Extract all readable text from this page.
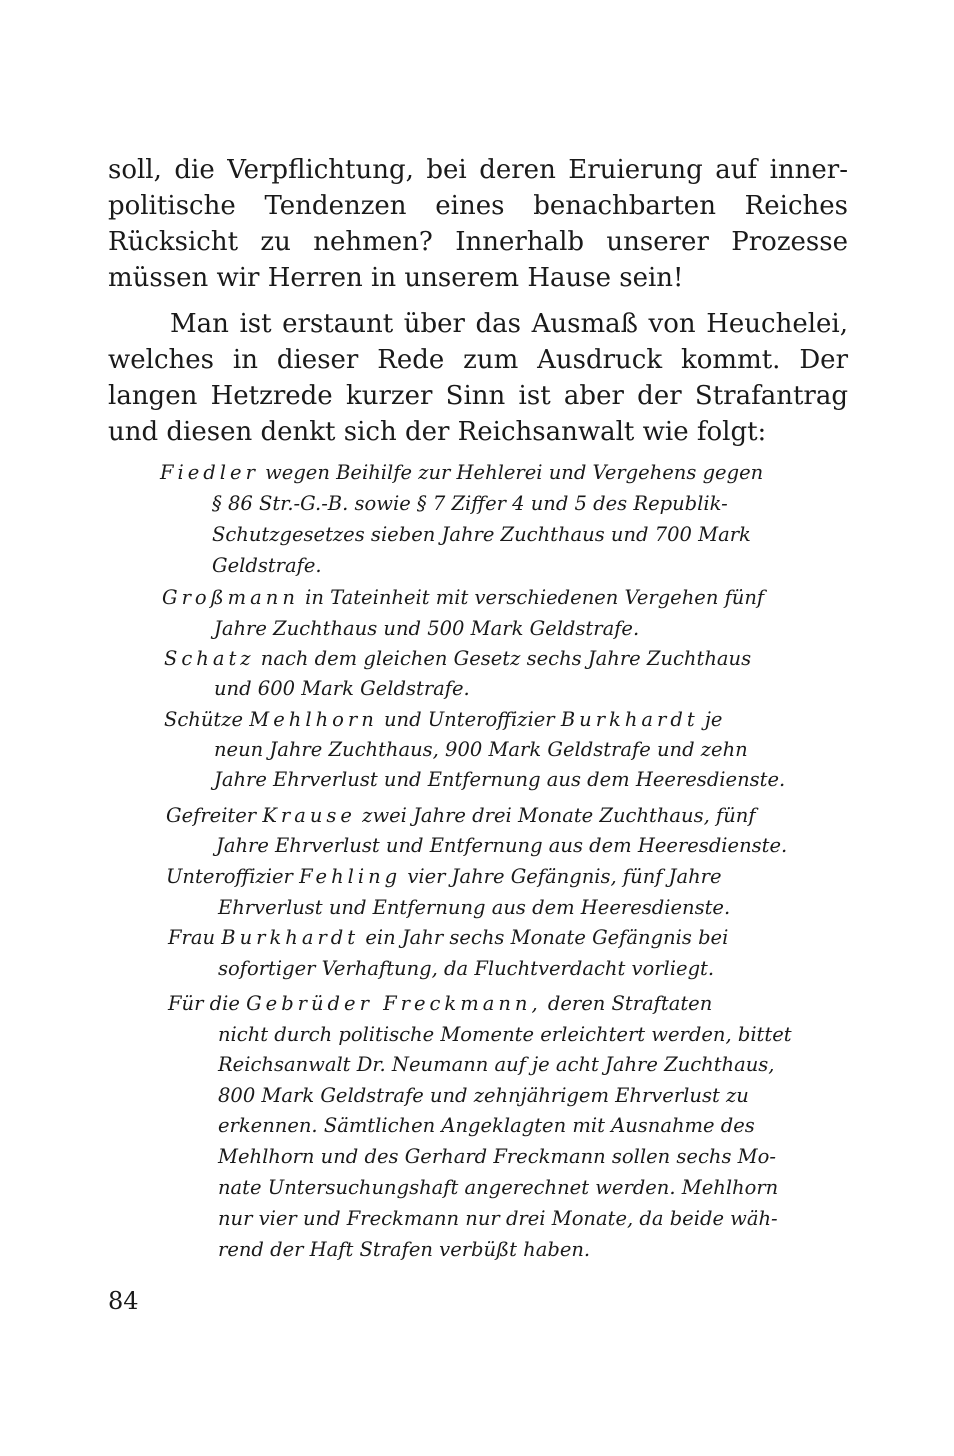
soll, die Verpflichtung, bei deren Eruierung auf inner-
politische Tendenzen eines benachbarten Reiches
Rücksicht zu nehmen? Innerhalb unserer Prozesse
müssen wir Herren in unserem Hause sein!
Man ist erstaunt über das Ausmaß von Heuchelei,
welches in dieser Rede zum Ausdruck kommt. Der
langen Hetzrede kurzer Sinn ist aber der Strafantrag
und diesen denkt sich der Reichsanwalt wie folgt:
Fiedler wegen Beihilfe zur Hehlerei und Vergehens gegen
§ 86 Str.-G.-B. sowie § 7 Ziffer 4 und 5 des Republik-
Schutzgesetzes sieben Jahre Zuchthaus und 700 Mark
Geldstrafe.
Großmann in Tateinheit mit verschiedenen Vergehen fünf
Jahre Zuchthaus und 500 Mark Geldstrafe.
Schatz nach dem gleichen Gesetz sechs Jahre Zuchthaus
und 600 Mark Geldstrafe.
Schütze Mehlhorn und Unteroffizier Burkhardt je
neun Jahre Zuchthaus, 900 Mark Geldstrafe und zehn
Jahre Ehrverlust und Entfernung aus dem Heeresdienste.
Gefreiter Krause zwei Jahre drei Monate Zuchthaus, fünf
Jahre Ehrverlust und Entfernung aus dem Heeresdienste.
Unteroffizier Fehling vier Jahre Gefängnis, fünf Jahre
Ehrverlust und Entfernung aus dem Heeresdienste.
Frau Burkhardt ein Jahr sechs Monate Gefängnis bei
sofortiger Verhaftung, da Fluchtverdacht vorliegt.
Für die Gebrüder Freckmann, deren Straftaten
nicht durch politische Momente erleichtert werden, bittet
Reichsanwalt Dr. Neumann auf je acht Jahre Zuchthaus,
800 Mark Geldstrafe und zehnjährigem Ehrverlust zu
erkennen. Sämtlichen Angeklagten mit Ausnahme des
Mehlhorn und des Gerhard Freckmann sollen sechs Mo-
nate Untersuchungshaft angerechnet werden. Mehlhorn
nur vier und Freckmann nur drei Monate, da beide wäh-
rend der Haft Strafen verbüßt haben.
84
